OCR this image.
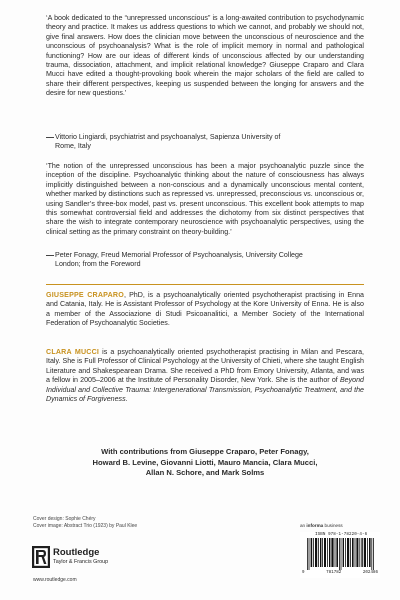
‘A book dedicated to the “unrepressed unconscious” is a long-awaited contribution to psychodynamic theory and practice. It makes us address questions to which we cannot, and probably we should not, give final answers. How does the clinician move between the unconscious of neuroscience and the unconscious of psychoanalysis? What is the role of implicit memory in normal and pathological functioning? How are our ideas of different kinds of unconscious affected by our understanding trauma, dissociation, attachment, and implicit relational knowledge? Giuseppe Craparo and Clara Mucci have edited a thought-provoking book wherein the major scholars of the field are called to share their different perspectives, keeping us suspended between the longing for answers and the desire for new questions.’
Vittorio Lingiardi, psychiatrist and psychoanalyst, Sapienza University of
Rome, Italy
‘The notion of the unrepressed unconscious has been a major psychoanalytic puzzle since the inception of the discipline. Psychoanalytic thinking about the nature of consciousness has always implicitly distinguished between a non-conscious and a dynamically unconscious mental content, whether marked by distinctions such as repressed vs. unrepressed, preconscious vs. unconscious or, using Sandler’s three-box model, past vs. present unconscious. This excellent book attempts to map this somewhat controversial field and addresses the dichotomy from six distinct perspectives that share the wish to integrate contemporary neuroscience with psychoanalytic perspectives, using the clinical setting as the primary constraint on theory-building.’
Peter Fonagy, Freud Memorial Professor of Psychoanalysis, University College
London; from the Foreword
GIUSEPPE CRAPARO, PhD, is a psychoanalytically oriented psychotherapist practising in Enna and Catania, Italy. He is Assistant Professor of Psychology at the Kore University of Enna. He is also a member of the Associazione di Studi Psicoanalitici, a Member Society of the International Federation of Psychoanalytic Societies.
CLARA MUCCI is a psychoanalytically oriented psychotherapist practising in Milan and Pescara, Italy. She is Full Professor of Clinical Psychology at the University of Chieti, where she taught English Literature and Shakespearean Drama. She received a PhD from Emory University, Atlanta, and was a fellow in 2005–2006 at the Institute of Personality Disorder, New York. She is the author of Beyond Individual and Collective Trauma: Intergenerational Transmission, Psychoanalytic Treatment, and the Dynamics of Forgiveness.
With contributions from Giuseppe Craparo, Peter Fonagy,
Howard B. Levine, Giovanni Liotti, Mauro Mancia, Clara Mucci,
Allan N. Schore, and Mark Solms
Cover design: Sophie Chéry
Cover image: Abstract Trio (1923) by Paul Klee
Routledge
Taylor & Francis Group
www.routledge.com
an informa business
ISBN 978-1-78220-4-6
9	781782	202486
